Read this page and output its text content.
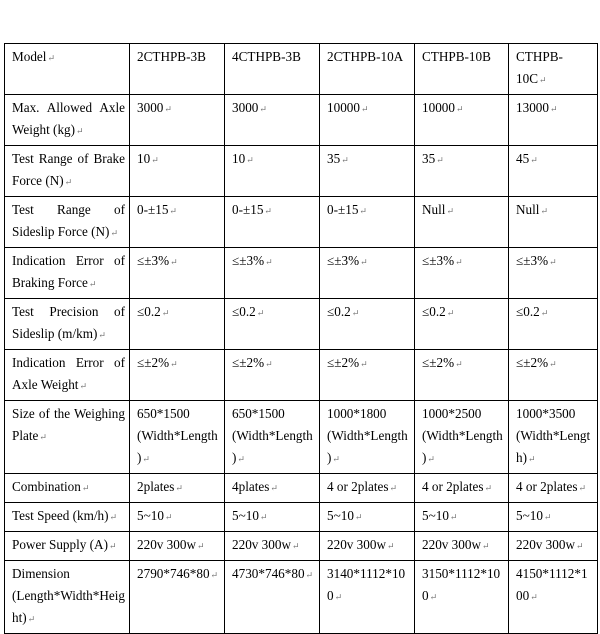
Model↵	2CTHPB-3B	4CTHPB-3B	2CTHPB-10A	CTHPB-10B	CTHPB-10C↵
Max. Allowed Axle Weight (kg)↵	3000↵	3000↵	10000↵	10000↵	13000↵
Test Range of Brake Force (N)↵	10↵	10↵	35↵	35↵	45↵
Test Range of Sideslip Force (N)↵	0-±15↵	0-±15↵	0-±15↵	Null↵	Null↵
Indication Error of Braking Force↵	≤±3%↵	≤±3%↵	≤±3%↵	≤±3%↵	≤±3%↵
Test Precision of Sideslip (m/km)↵	≤0.2↵	≤0.2↵	≤0.2↵	≤0.2↵	≤0.2↵
Indication Error of Axle Weight↵	≤±2%↵	≤±2%↵	≤±2%↵	≤±2%↵	≤±2%↵
Size of the Weighing Plate↵	650*1500 (Width*Length)↵	650*1500 (Width*Length)↵	1000*1800 (Width*Length)↵	1000*2500 (Width*Length)↵	1000*3500 (Width*Length)↵
Combination↵	2plates↵	4plates↵	4 or 2plates↵	4 or 2plates↵	4 or 2plates↵
Test Speed (km/h)↵	5~10↵	5~10↵	5~10↵	5~10↵	5~10↵
Power Supply (A)↵	220v 300w↵	220v 300w↵	220v 300w↵	220v 300w↵	220v 300w↵
Dimension (Length*Width*Height)↵	2790*746*80↵	4730*746*80↵	3140*1112*100↵	3150*1112*100↵	4150*1112*100↵
